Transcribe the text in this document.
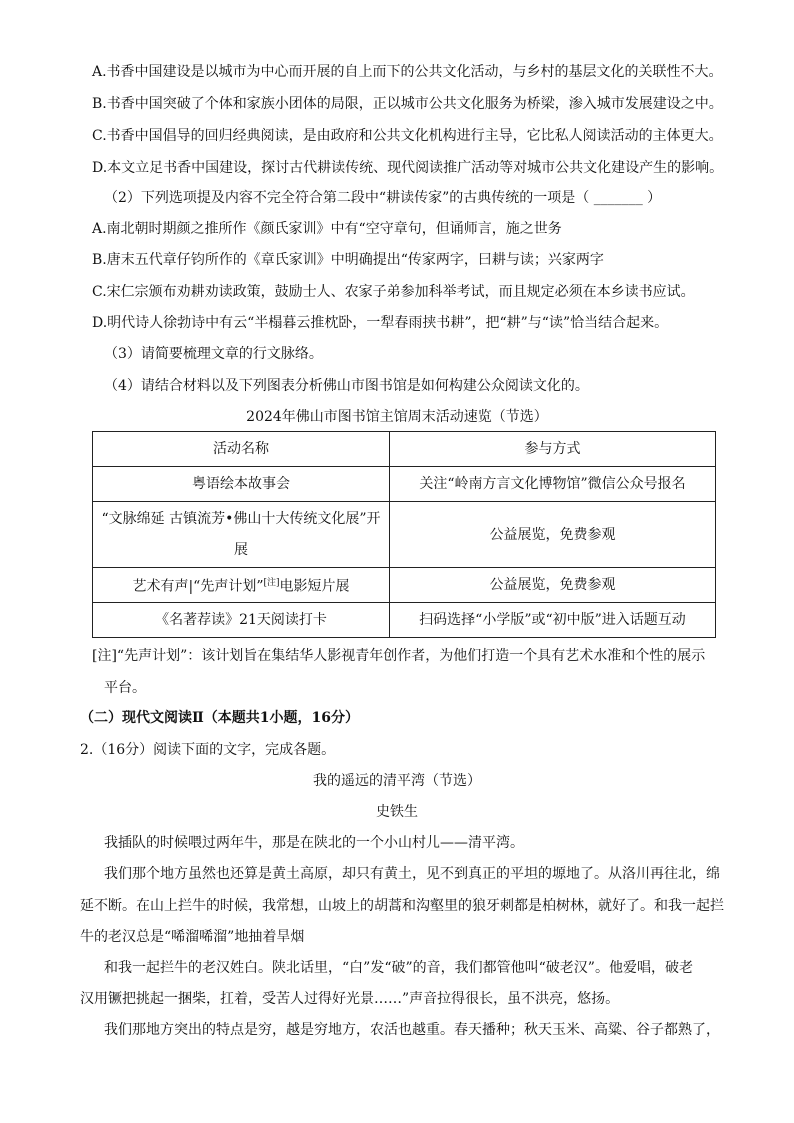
A.书香中国建设是以城市为中心而开展的自上而下的公共文化活动，与乡村的基层文化的关联性不大。
B.书香中国突破了个体和家族小团体的局限，正以城市公共文化服务为桥梁，渗入城市发展建设之中。
C.书香中国倡导的回归经典阅读，是由政府和公共文化机构进行主导，它比私人阅读活动的主体更大。
D.本文立足书香中国建设，探讨古代耕读传统、现代阅读推广活动等对城市公共文化建设产生的影响。
（2）下列选项提及内容不完全符合第二段中“耕读传家”的古典传统的一项是（ _______ ）
A.南北朝时期颜之推所作《颜氏家训》中有“空守章句，但诵师言，施之世务
B.唐末五代章仔钧所作的《章氏家训》中明确提出“传家两字，曰耕与读；兴家两字
C.宋仁宗颁布劝耕劝读政策，鼓励士人、农家子弟参加科举考试，而且规定必须在本乡读书应试。
D.明代诗人徐勃诗中有云“半榻暮云推枕卧，一犁春雨挟书耕”，把“耕”与“读”恰当结合起来。
（3）请简要梳理文章的行文脉络。
（4）请结合材料以及下列图表分析佛山市图书馆是如何构建公众阅读文化的。
2024年佛山市图书馆主馆周末活动速览（节选）
活动名称	参与方式
粤语绘本故事会	关注“岭南方言文化博物馆”微信公众号报名

“文脉绵延 古镇流芳•佛山十大传统文化展”开
展	公益展览，免费参观
艺术有声|“先声计划”[注]电影短片展	公益展览，免费参观
《名著荐读》21天阅读打卡	扫码选择“小学版”或“初中版”进入话题互动
[注]“先声计划”：该计划旨在集结华人影视青年创作者，为他们打造一个具有艺术水准和个性的展示
平台。
（二）现代文阅读Ⅱ（本题共1小题，16分）
2.（16分）阅读下面的文字，完成各题。
我的遥远的清平湾（节选）
史铁生
我插队的时候喂过两年牛，那是在陕北的一个小山村儿——清平湾。
我们那个地方虽然也还算是黄土高原，却只有黄土，见不到真正的平坦的塬地了。从洛川再往北，绵
延不断。在山上拦牛的时候，我常想，山坡上的胡蒿和沟壑里的狼牙刺都是柏树林，就好了。和我一起拦
牛的老汉总是“唏溜唏溜”地抽着旱烟
和我一起拦牛的老汉姓白。陕北话里，“白”发“破”的音，我们都管他叫“破老汉”。他爱唱，破老
汉用镢把挑起一捆柴，扛着，受苦人过得好光景……”声音拉得很长，虽不洪亮，悠扬。
我们那地方突出的特点是穷，越是穷地方，农活也越重。春天播种；秋天玉米、高粱、谷子都熟了，
